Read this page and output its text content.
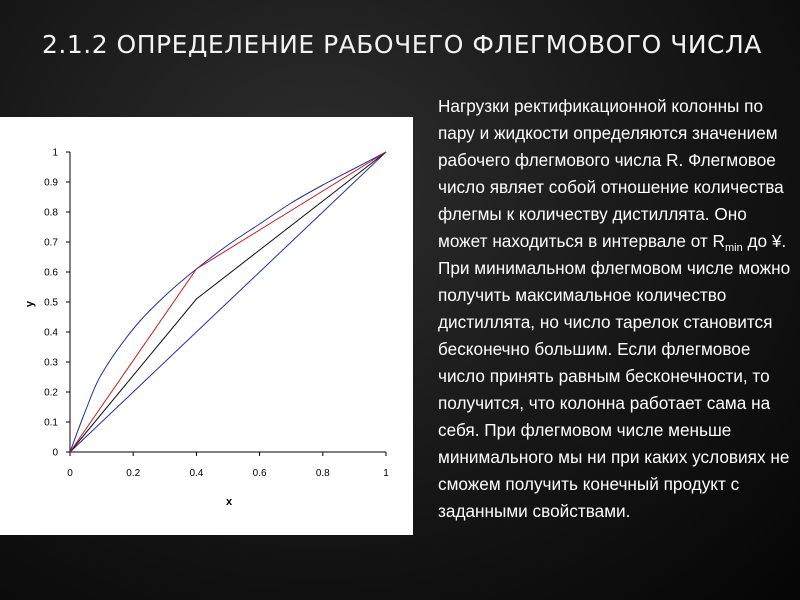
2.1.2 ОПРЕДЕЛЕНИЕ РАБОЧЕГО ФЛЕГМОВОГО ЧИСЛА
0	0.2	0.4	0.6	0.8	1
0
0.1
0.2
0.3
0.4
0.5
0.6
0.7
0.8
0.9
1
x
y
Нагрузки ректификационной колонны по пару и жидкости определяются значением рабочего флегмового числа R. Флегмовое число являет собой отношение количества флегмы к количеству дистиллята. Оно может находиться в интервале от $R_{min}$ до ¥. При минимальном флегмовом числе можно получить максимальное количество дистиллята, но число тарелок становится бесконечно большим. Если флегмовое число принять равным бесконечности, то получится, что колонна работает сама на себя. При флегмовом числе меньше минимального мы ни при каких условиях не сможем получить конечный продукт с заданными свойствами.
